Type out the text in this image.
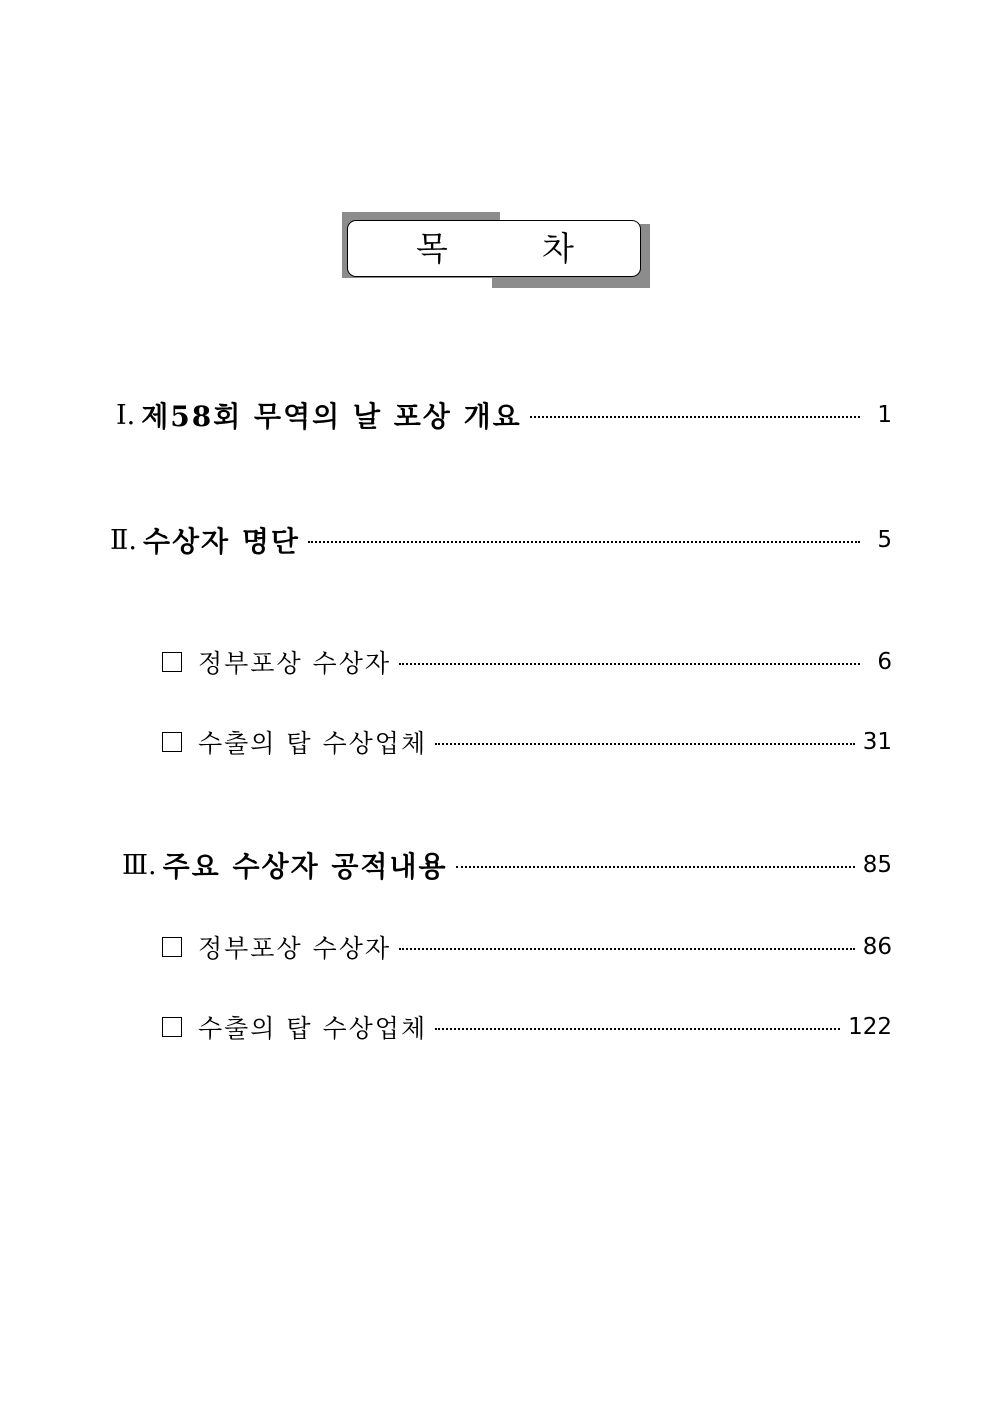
목	차
Ⅰ. 제58회 무역의 날 포상 개요	1
Ⅱ. 수상자 명단	5
정부포상 수상자	6
수출의 탑 수상업체	31
Ⅲ. 주요 수상자 공적내용	85
정부포상 수상자	86
수출의 탑 수상업체	122
